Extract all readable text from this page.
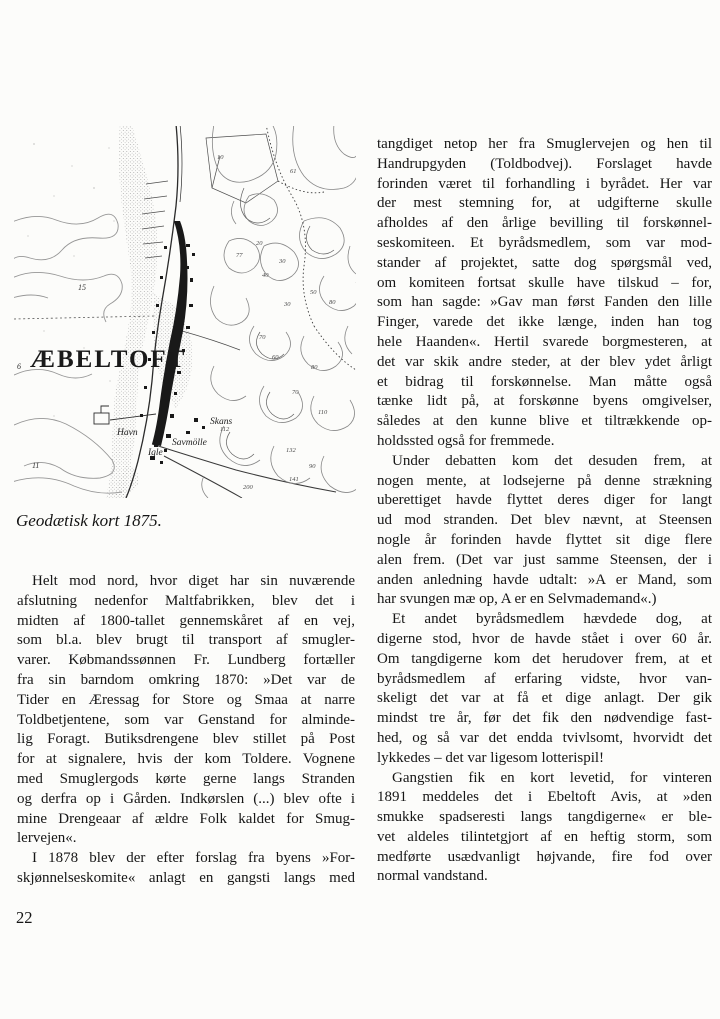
ÆBELTOFT
Havn
Igle
Savmölle
Skans
15
6
11
10
61
20
77
30
40
50
30	80
60
80
70
110
112
132
90
141
200
70
Geodætisk kort 1875.
Helt mod nord, hvor diget har sin nuværende
afslutning nedenfor Maltfabrikken, blev det i
midten af 1800-tallet gennemskåret af en vej,
som bl.a. blev brugt til transport af smugler-
varer. Købmandssønnen Fr. Lundberg fortæller
fra sin barndom omkring 1870: »Det var de
Tider en Æressag for Store og Smaa at narre
Toldbetjentene, som var Genstand for alminde-
lig Foragt. Butiksdrengene blev stillet på Post
for at signalere, hvis der kom Toldere. Vognene
med Smuglergods kørte gerne langs Stranden
og derfra op i Gården. Indkørslen (...) blev ofte i
mine Drengeaar af ældre Folk kaldet for Smug-
lervejen«.
I 1878 blev der efter forslag fra byens »For-
skjønnelseskomite« anlagt en gangsti langs med
tangdiget netop her fra Smuglervejen og hen til
Handrupgyden (Toldbodvej). Forslaget havde
forinden været til forhandling i byrådet. Her var
der mest stemning for, at udgifterne skulle
afholdes af den årlige bevilling til forskønnel-
seskomiteen. Et byrådsmedlem, som var mod-
stander af projektet, satte dog spørgsmål ved,
om komiteen fortsat skulle have tilskud – for,
som han sagde: »Gav man først Fanden den lille
Finger, varede det ikke længe, inden han tog
hele Haanden«. Hertil svarede borgmesteren, at
det var skik andre steder, at der blev ydet årligt
et bidrag til forskønnelse. Man måtte også
tænke lidt på, at forskønne byens omgivelser,
således at den kunne blive et tiltrækkende op-
holdssted også for fremmede.
Under debatten kom det desuden frem, at
nogen mente, at lodsejerne på denne strækning
uberettiget havde flyttet deres diger for langt
ud mod stranden. Det blev nævnt, at Steensen
nogle år forinden havde flyttet sit dige flere
alen frem. (Det var just samme Steensen, der i
anden anledning havde udtalt: »A er Mand, som
har svungen mæ op, A er en Selvmademand«.)
Et andet byrådsmedlem hævdede dog, at
digerne stod, hvor de havde stået i over 60 år.
Om tangdigerne kom det herudover frem, at et
byrådsmedlem af erfaring vidste, hvor van-
skeligt det var at få et dige anlagt. Der gik
mindst tre år, før det fik den nødvendige fast-
hed, og så var det endda tvivlsomt, hvorvidt det
lykkedes – det var ligesom lotterispil!
Gangstien fik en kort levetid, for vinteren
1891 meddeles det i Ebeltoft Avis, at »den
smukke spadseresti langs tangdigerne« er ble-
vet aldeles tilintetgjort af en heftig storm, som
medførte usædvanligt højvande, fire fod over
normal vandstand.
22
